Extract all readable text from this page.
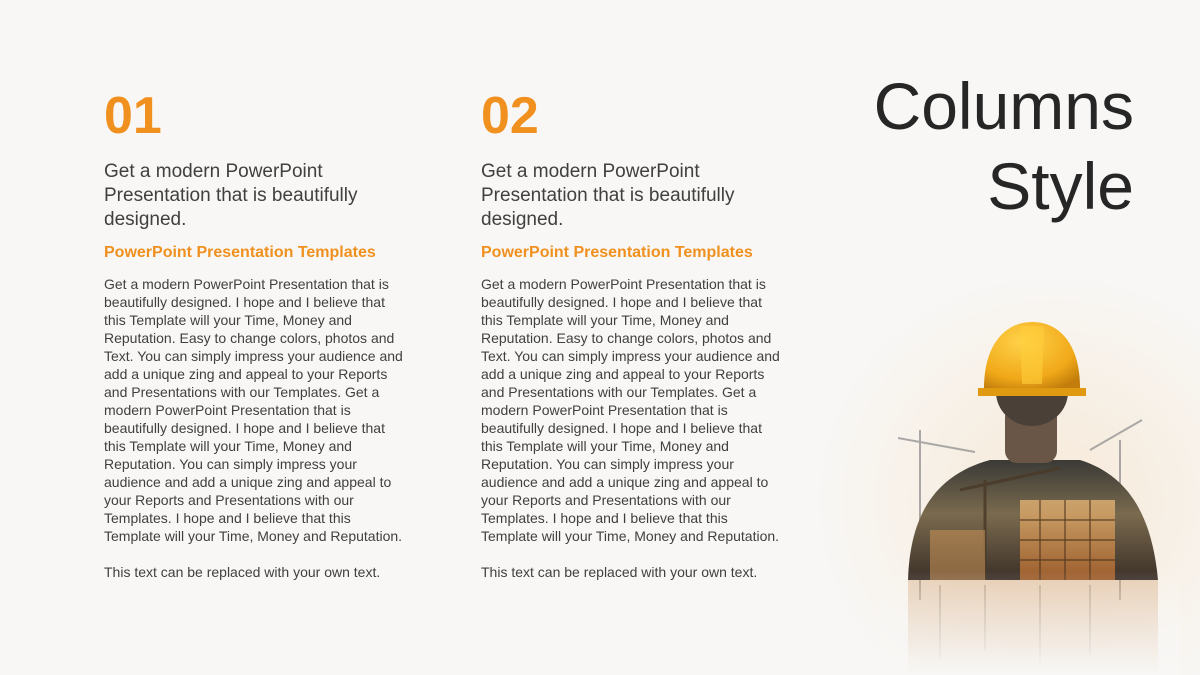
01
Get a modern PowerPoint Presentation that is beautifully designed.
PowerPoint Presentation Templates

Get a modern PowerPoint Presentation that is beautifully designed. I hope and I believe that this Template will your Time, Money and Reputation. Easy to change colors, photos and Text. You can simply impress your audience and add a unique zing and appeal to your Reports and Presentations with our Templates. Get a modern PowerPoint Presentation that is beautifully designed. I hope and I believe that this Template will your Time, Money and Reputation. You can simply impress your audience and add a unique zing and appeal to your Reports and Presentations with our Templates. I hope and I believe that this Template will your Time, Money and Reputation.

This text can be replaced with your own text.

02
Get a modern PowerPoint Presentation that is beautifully designed.
PowerPoint Presentation Templates

Get a modern PowerPoint Presentation that is beautifully designed. I hope and I believe that this Template will your Time, Money and Reputation. Easy to change colors, photos and Text. You can simply impress your audience and add a unique zing and appeal to your Reports and Presentations with our Templates. Get a modern PowerPoint Presentation that is beautifully designed. I hope and I believe that this Template will your Time, Money and Reputation. You can simply impress your audience and add a unique zing and appeal to your Reports and Presentations with our Templates. I hope and I believe that this Template will your Time, Money and Reputation.

This text can be replaced with your own text.

Columns
Style
